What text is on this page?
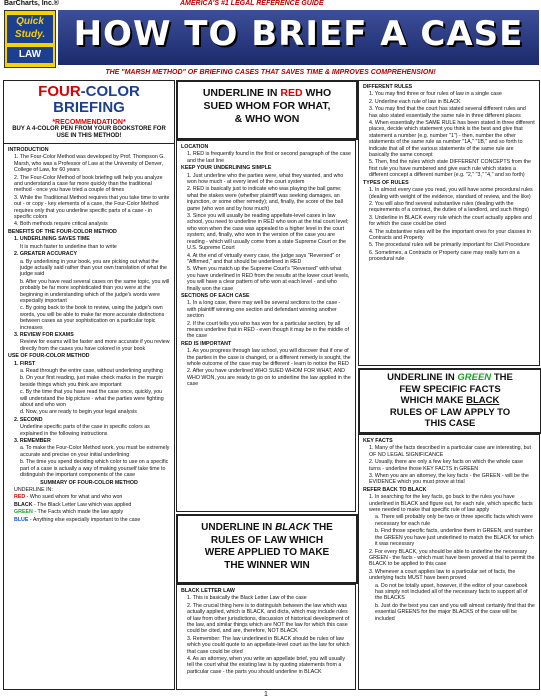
BarCharts, Inc.®	AMERICA'S #1 LEGAL REFERENCE GUIDE
Quick Study.
LAW
HOW TO BRIEF A CASE
THE "MARSH METHOD" OF BRIEFING CASES THAT SAVES TIME & IMPROVES COMPREHENSION!
FOUR-COLOR
BRIEFING
*RECOMMENDATION*
BUY A 4-COLOR PEN FROM YOUR BOOKSTORE FOR USE IN THIS METHOD!

INTRODUCTION

1. The Four-Color Method was developed by Prof. Thompson G. Marsh, who was a Professor of Law at the University of Denver, College of Law, for 60 years

2. The Four-Color Method of book briefing will help you analyze and understand a case far more quickly than the traditional method - once you have tried a couple of times

3. While the Traditional Method requires that you take time to write out - or copy - key elements of a case, the Four-Color Method requires only that you underline specific parts of a case - in specific colors

4. Both methods require critical analysis

BENEFITS OF THE FOUR-COLOR METHOD

1. UNDERLINING SAVES TIME

It is much faster to underline than to write

2. GREATER ACCURACY

a. By underlining in your book, you are picking out what the judge actually said rather than your own translation of what the judge said

b. After you have read several cases on the same topic, you will probably be far more sophisticated than you were at the beginning in understanding which of the judge's words were especially important

c. By going back to the book to review, using the judge's own words, you will be able to make far more accurate distinctions between cases as your sophistication on a particular topic increases

3. REVIEW FOR EXAMS

Review for exams will be faster and more accurate if you review directly from the cases you have colored in your book

USE OF FOUR-COLOR METHOD

1. FIRST

a. Read through the entire case, without underlining anything

b. On your first reading, just make check marks in the margin beside things which you think are important

c. By the time that you have read the case once, quickly, you will understand the big picture - what the parties were fighting about and who won

d. Now, you are ready to begin your legal analysis

2. SECOND

Underline specific parts of the case in specific colors as explained in the following instructions

3. REMEMBER

a. To make the Four-Color Method work, you must be extremely accurate and precise on your initial underlining

b. The time you spend deciding which color to use on a specific part of a case is actually a way of making yourself take time to distinguish the important components of the case

SUMMARY OF FOUR-COLOR METHOD

UNDERLINE IN:

RED - Who sued whom for what and who won

BLACK - The Black Letter Law which was applied

GREEN - The Facts which made the law apply

BLUE - Anything else especially important to the case

UNDERLINE IN RED WHO
SUED WHOM FOR WHAT,
& WHO WON

LOCATION

1. RED is frequently found in the first or second paragraph of the case and the last line

KEEP YOUR UNDERLINING SIMPLE

1. Just underline who the parties were, what they wanted, and who won how much - at every level of the court system

2. RED is basically just to indicate who was playing the ball game; what the stakes were (whether plaintiff was seeking damages, an injunction, or some other remedy); and, finally, the score of the ball game (who won and by how much)

3. Since you will usually be reading appellate-level cases in law school, you need to underline in RED who won at the trial court level; who won when the case was appealed to a higher level in the court system; and, finally, who won in the version of the case you are reading - which will usually come from a state Supreme Court or the U.S. Supreme Court

4. At the end of virtually every case, the judge says "Reversed" or "Affirmed," and that should be underlined in RED

5. When you match up the Supreme Court's "Reversed" with what you have underlined in RED from the results at the lower court levels, you will have a clear pattern of who won at each level - and who finally won the case

SECTIONS OF EACH CASE

1. In a long case, there may well be several sections to the case - with plaintiff winning one section and defendant winning another section

2. If the court tells you who has won for a particular section, by all means underline that in RED - even though it may be in the middle of the case

RED IS IMPORTANT

1. As you progress through law school, you will discover that if one of the parties in the case is changed, or a different remedy is sought, the whole outcome of the case may be different - learn to notice the RED

2. After you have underlined WHO SUED WHOM FOR WHAT, AND WHO WON, you are ready to go on to underline the law applied in the case

UNDERLINE IN BLACK THE
RULES OF LAW WHICH
WERE APPLIED TO MAKE
THE WINNER WIN

BLACK LETTER LAW

1. This is basically the Black Letter Law of the case

2. The crucial thing here is to distinguish between the law which was actually applied, which is BLACK, and dicta, which may include rules of law from other jurisdictions, discussion of historical development of the law, and similar things which are NOT the law for which this case could be cited, and are, therefore, NOT BLACK

3. Remember: The law underlined in BLACK should be rules of law which you could quote to an appellate-level court as the law for which that case could be cited

4. As an attorney, when you write an appellate brief, you will usually tell the court what the existing law is by quoting statements from a particular case - the parts you should underline in BLACK

DIFFERENT RULES

1. You may find three or four rules of law in a single case

2. Underline each rule of law in BLACK

3. You may find that the court has stated several different rules and has also stated essentially the same rule in three different places

4. When essentially the SAME RULE has been stated in three different places, decide which statement you think is the best and give that statement a number (e.g. number "1") - then, number the other statements of the same rule as number "1A," "1B," and so forth to indicate that all of the various statements of the same rule are basically the same concept

5. Then, find the rules which state DIFFERENT CONCEPTS from the first rule you have numbered and give each rule which states a different concept a different number (e.g. "2," "3," "4," and so forth)

TYPES OF RULES

1. In almost every case you read, you will have some procedural rules (dealing with weight of the evidence, standard of review, and the like)

2. You will also find several substantive rules (dealing with the requirements of a contract, the duties of a landlord, and such things)

3. Underline in BLACK every rule which the court actually applies and for which the case could be cited

4. The substantive rules will be the important ones for your classes in Contracts and Property

5. The procedural rules will be primarily important for Civil Procedure

6. Sometimes, a Contracts or Property case may really turn on a procedural rule

UNDERLINE IN GREEN THE
FEW SPECIFIC FACTS
WHICH MAKE BLACK
RULES OF LAW APPLY TO
THIS CASE

KEY FACTS

1. Many of the facts described in a particular case are interesting, but OF NO LEGAL SIGNIFICANCE

2. Usually, there are only a few key facts on which the whole case turns - underline those KEY FACTS in GREEN

3. When you are an attorney, the key facts - the GREEN - will be the EVIDENCE which you must prove at trial

REFER BACK TO BLACK

1. In searching for the key facts, go back to the rules you have underlined in BLACK and figure out, for each rule, which specific facts were needed to make that specific rule of law apply

a. There will probably only be two or three specific facts which were necessary for each rule

b. Find those specific facts, underline them in GREEN, and number the GREEN you have just underlined to match the BLACK for which it was necessary

2. For every BLACK, you should be able to underline the necessary GREEN - the facts - which must have been proved at trial to permit the BLACK to be applied to this case

3. Whenever a court applies law to a particular set of facts, the underlying facts MUST have been proved

a. Do not be totally upset, however, if the editor of your casebook has simply not included all of the necessary facts to support all of the BLACKS

b. Just do the best you can and you will almost certainly find that the essential GREENS for the major BLACKS of the case will be included

1
